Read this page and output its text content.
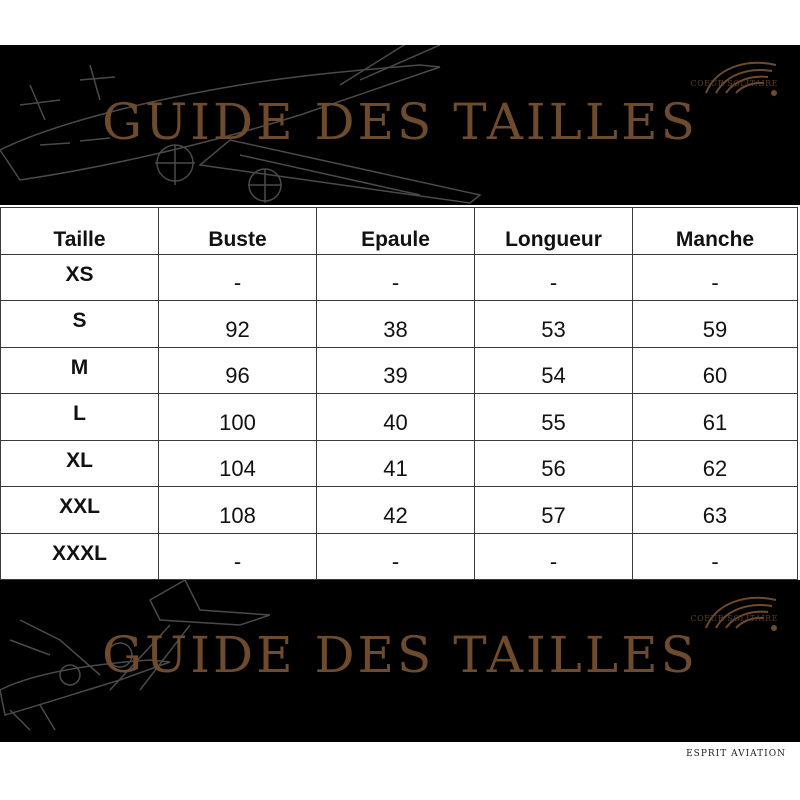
GUIDE DES TAILLES
COEUR SOLITAIRE
Taille	Buste	Epaule	Longueur	Manche
XS	-	-	-	-
S	92	38	53	59
M	96	39	54	60
L	100	40	55	61
XL	104	41	56	62
XXL	108	42	57	63
XXXL	-	-	-	-
GUIDE DES TAILLES
COEUR SOLITAIRE
ESPRIT AVIATION
